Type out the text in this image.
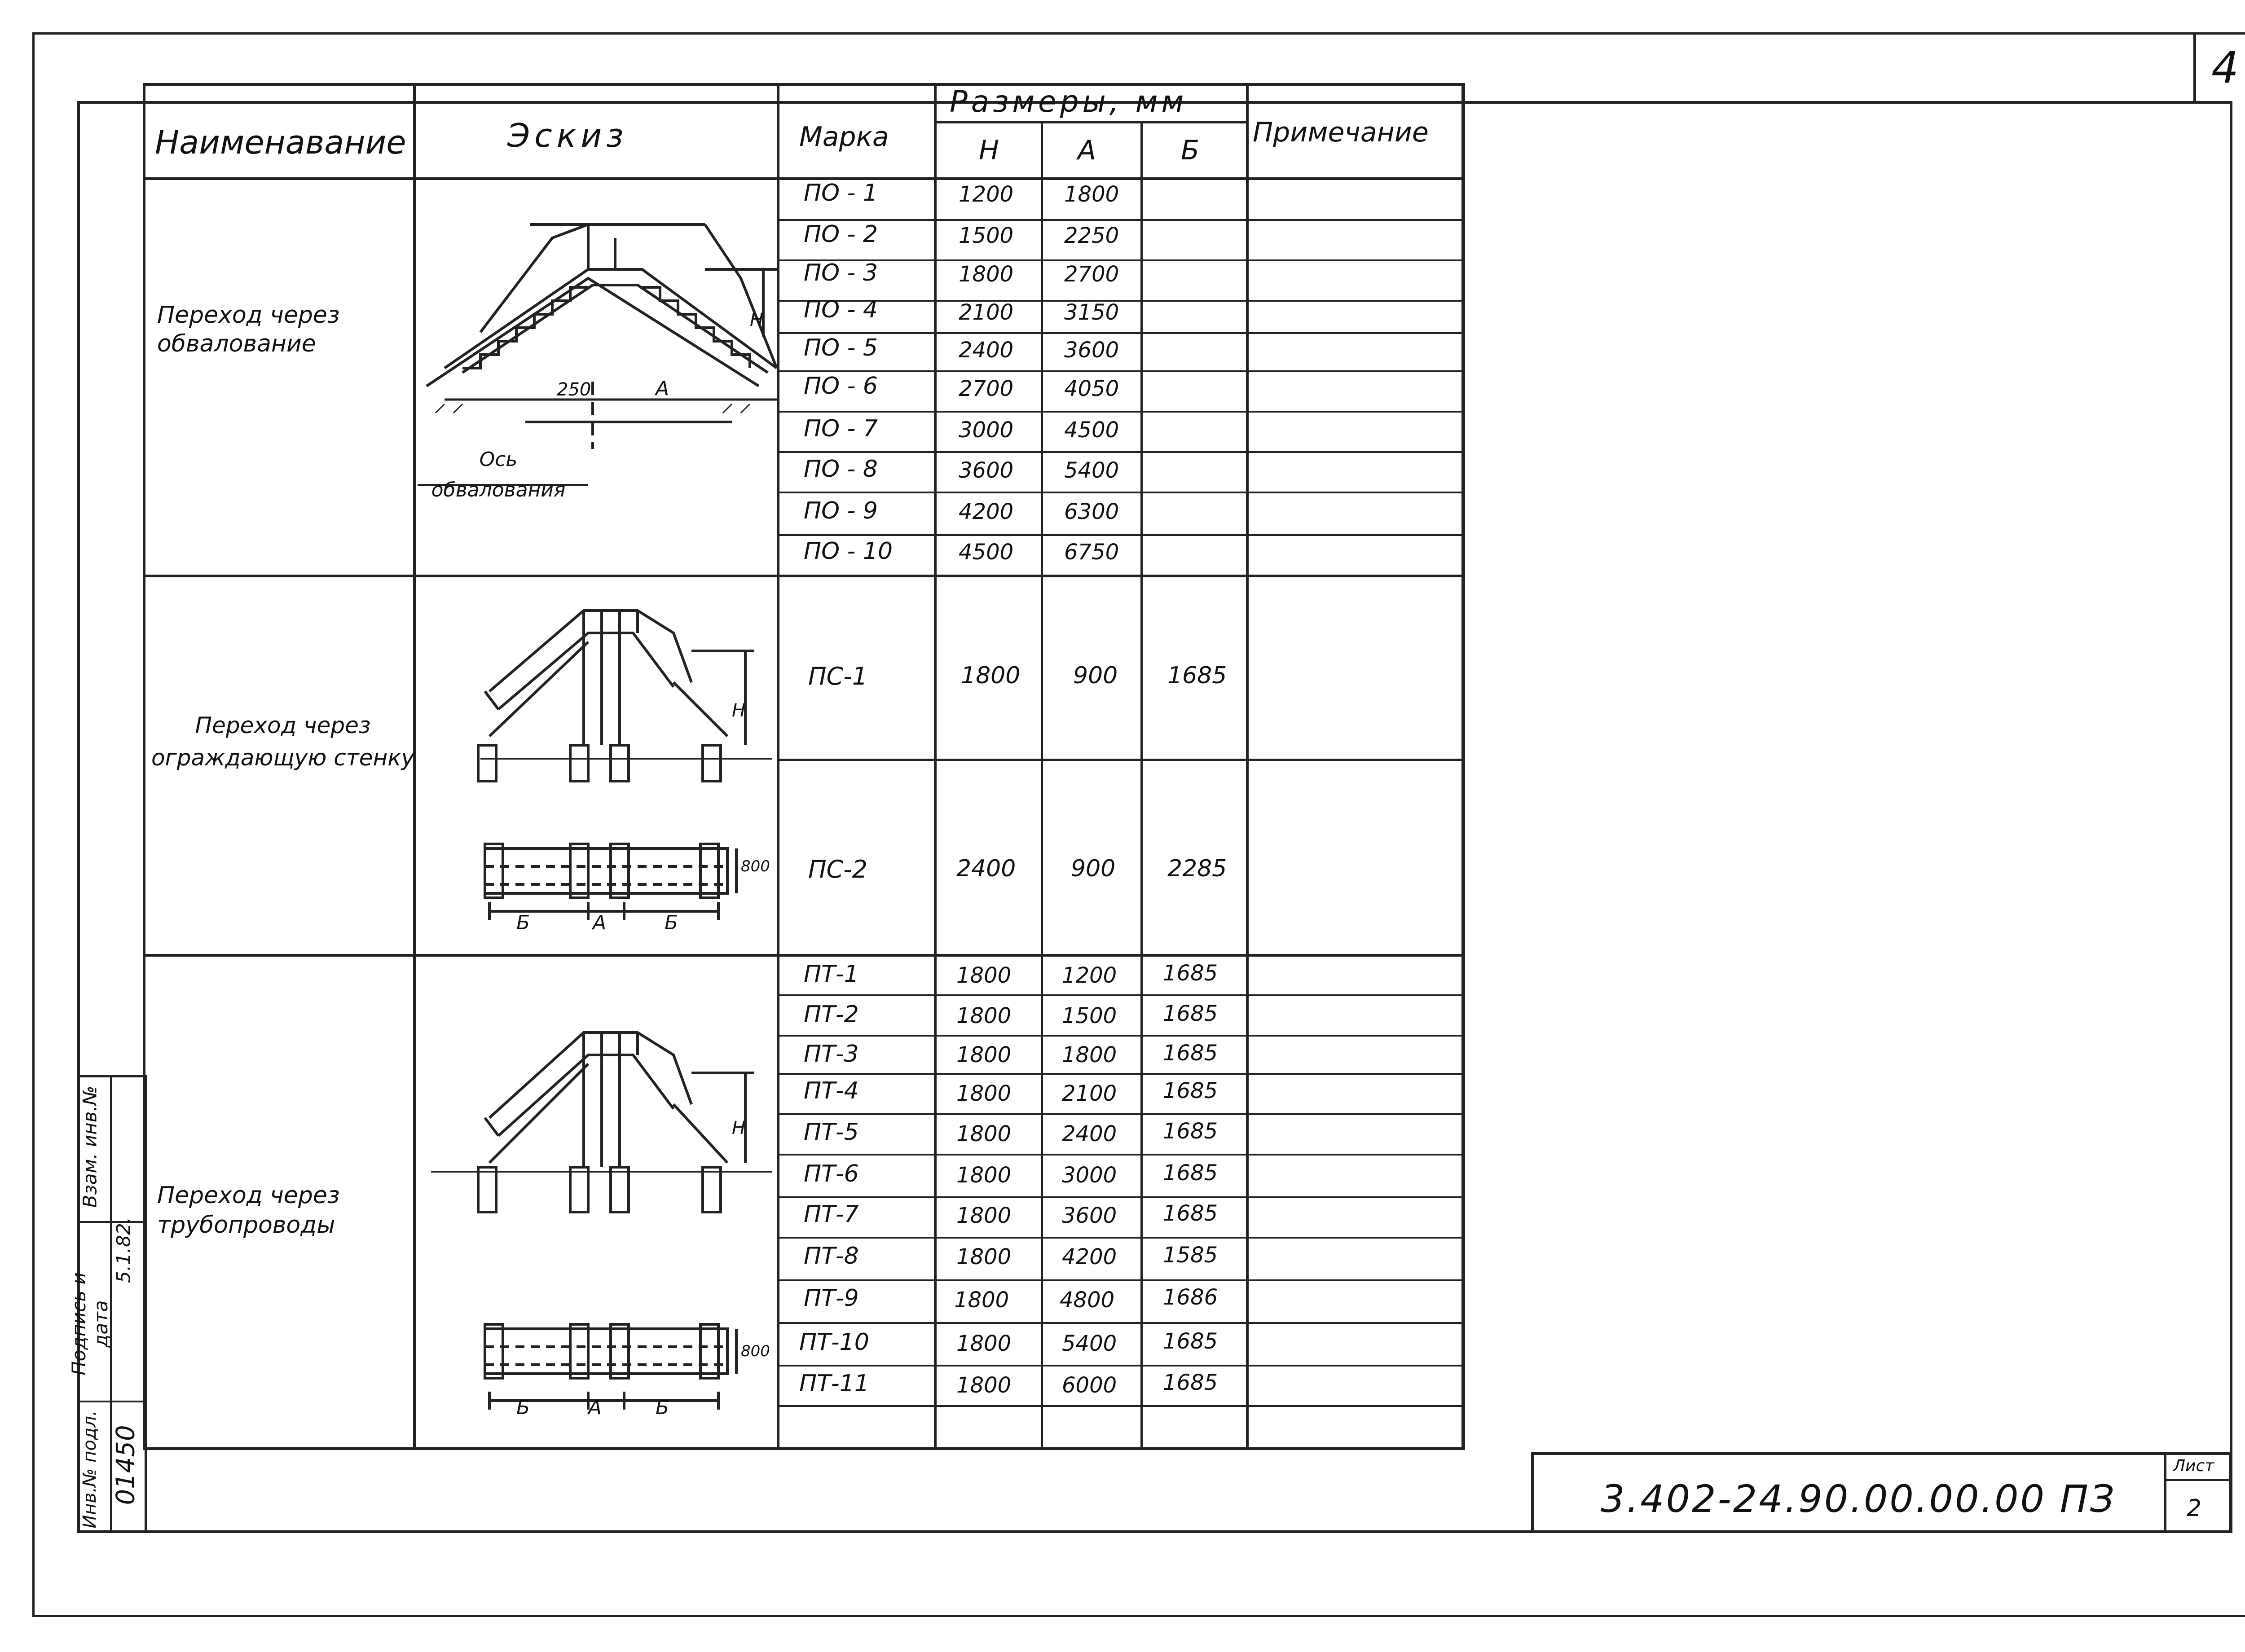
4
Наименавание	Эскиз	Марка
Размеры, мм
Н	А	Б
Примечание
Переход через обвалование
Переход через ограждающую стенку
Переход через трубопроводы
250	А
Н
Ось обвалования
Н
800
Б	А	Б
Н
800
Б	А	Б
ПО - 1	1200 1800
ПО - 2	1500 2250
ПО - 3	1800 2700
ПО - 4	2100 3150
ПО - 5	2400 3600
ПО - 6	2700 4050
ПО - 7	3000 4500
ПО - 8	3600 5400
ПО - 9	4200 6300
ПО - 10	4500 6750
ПС-1	1800 900 1685
ПС-2	2400 900 2285
ПТ-1	1800 1200 1685
ПТ-2	1800 1500 1685
ПТ-3	1800 1800 1685
ПТ-4	1800 2100 1685
ПТ-5	1800 2400 1685
ПТ-6	1800 3000 1685
ПТ-7	1800 3600 1685
ПТ-8	1800 4200 1585
ПТ-9	1800 4800 1686
ПТ-10	1800 5400 1685
ПТ-11	1800 6000 1685
Взам. инв.№
Подпись и дата
5.1.82.
Инв.№ подл. 01450	3.402-24.90.00.00.00 ПЗ
Лист
2
